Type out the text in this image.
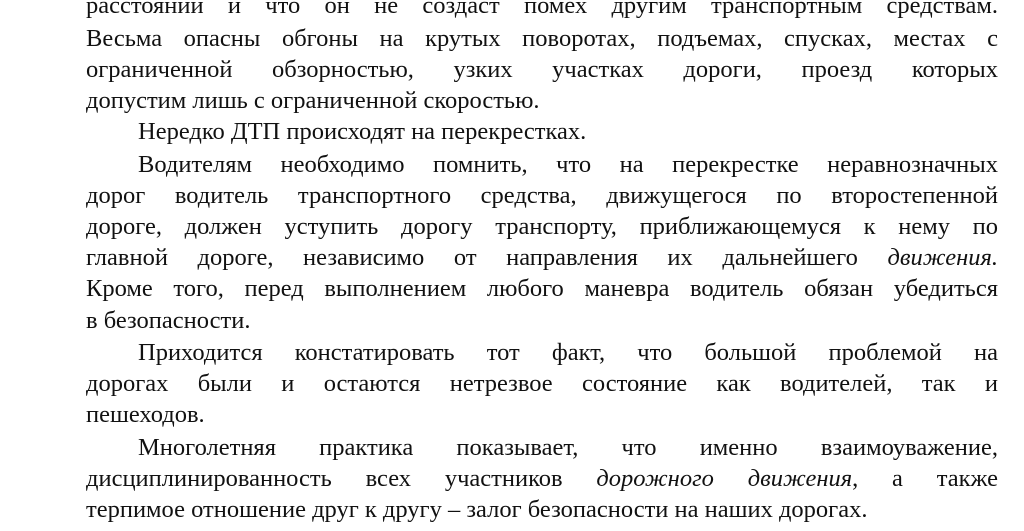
расстоянии и что он не создаст помех другим транспортным средствам.
Весьма опасны обгоны на крутых поворотах, подъемах, спусках, местах с
ограниченной обзорностью, узких участках дороги, проезд которых
допустим лишь с ограниченной скоростью.
Нередко ДТП происходят на перекрестках.
Водителям необходимо помнить, что на перекрестке неравнозначных
дорог водитель транспортного средства, движущегося по второстепенной
дороге, должен уступить дорогу транспорту, приближающемуся к нему по
главной дороге, независимо от направления их дальнейшего движения.
Кроме того, перед выполнением любого маневра водитель обязан убедиться
в безопасности.
Приходится констатировать тот факт, что большой проблемой на
дорогах были и остаются нетрезвое состояние как водителей, так и
пешеходов.
Многолетняя практика показывает, что именно взаимоуважение,
дисциплинированность всех участников дорожного движения, а также
терпимое отношение друг к другу – залог безопасности на наших дорогах.
